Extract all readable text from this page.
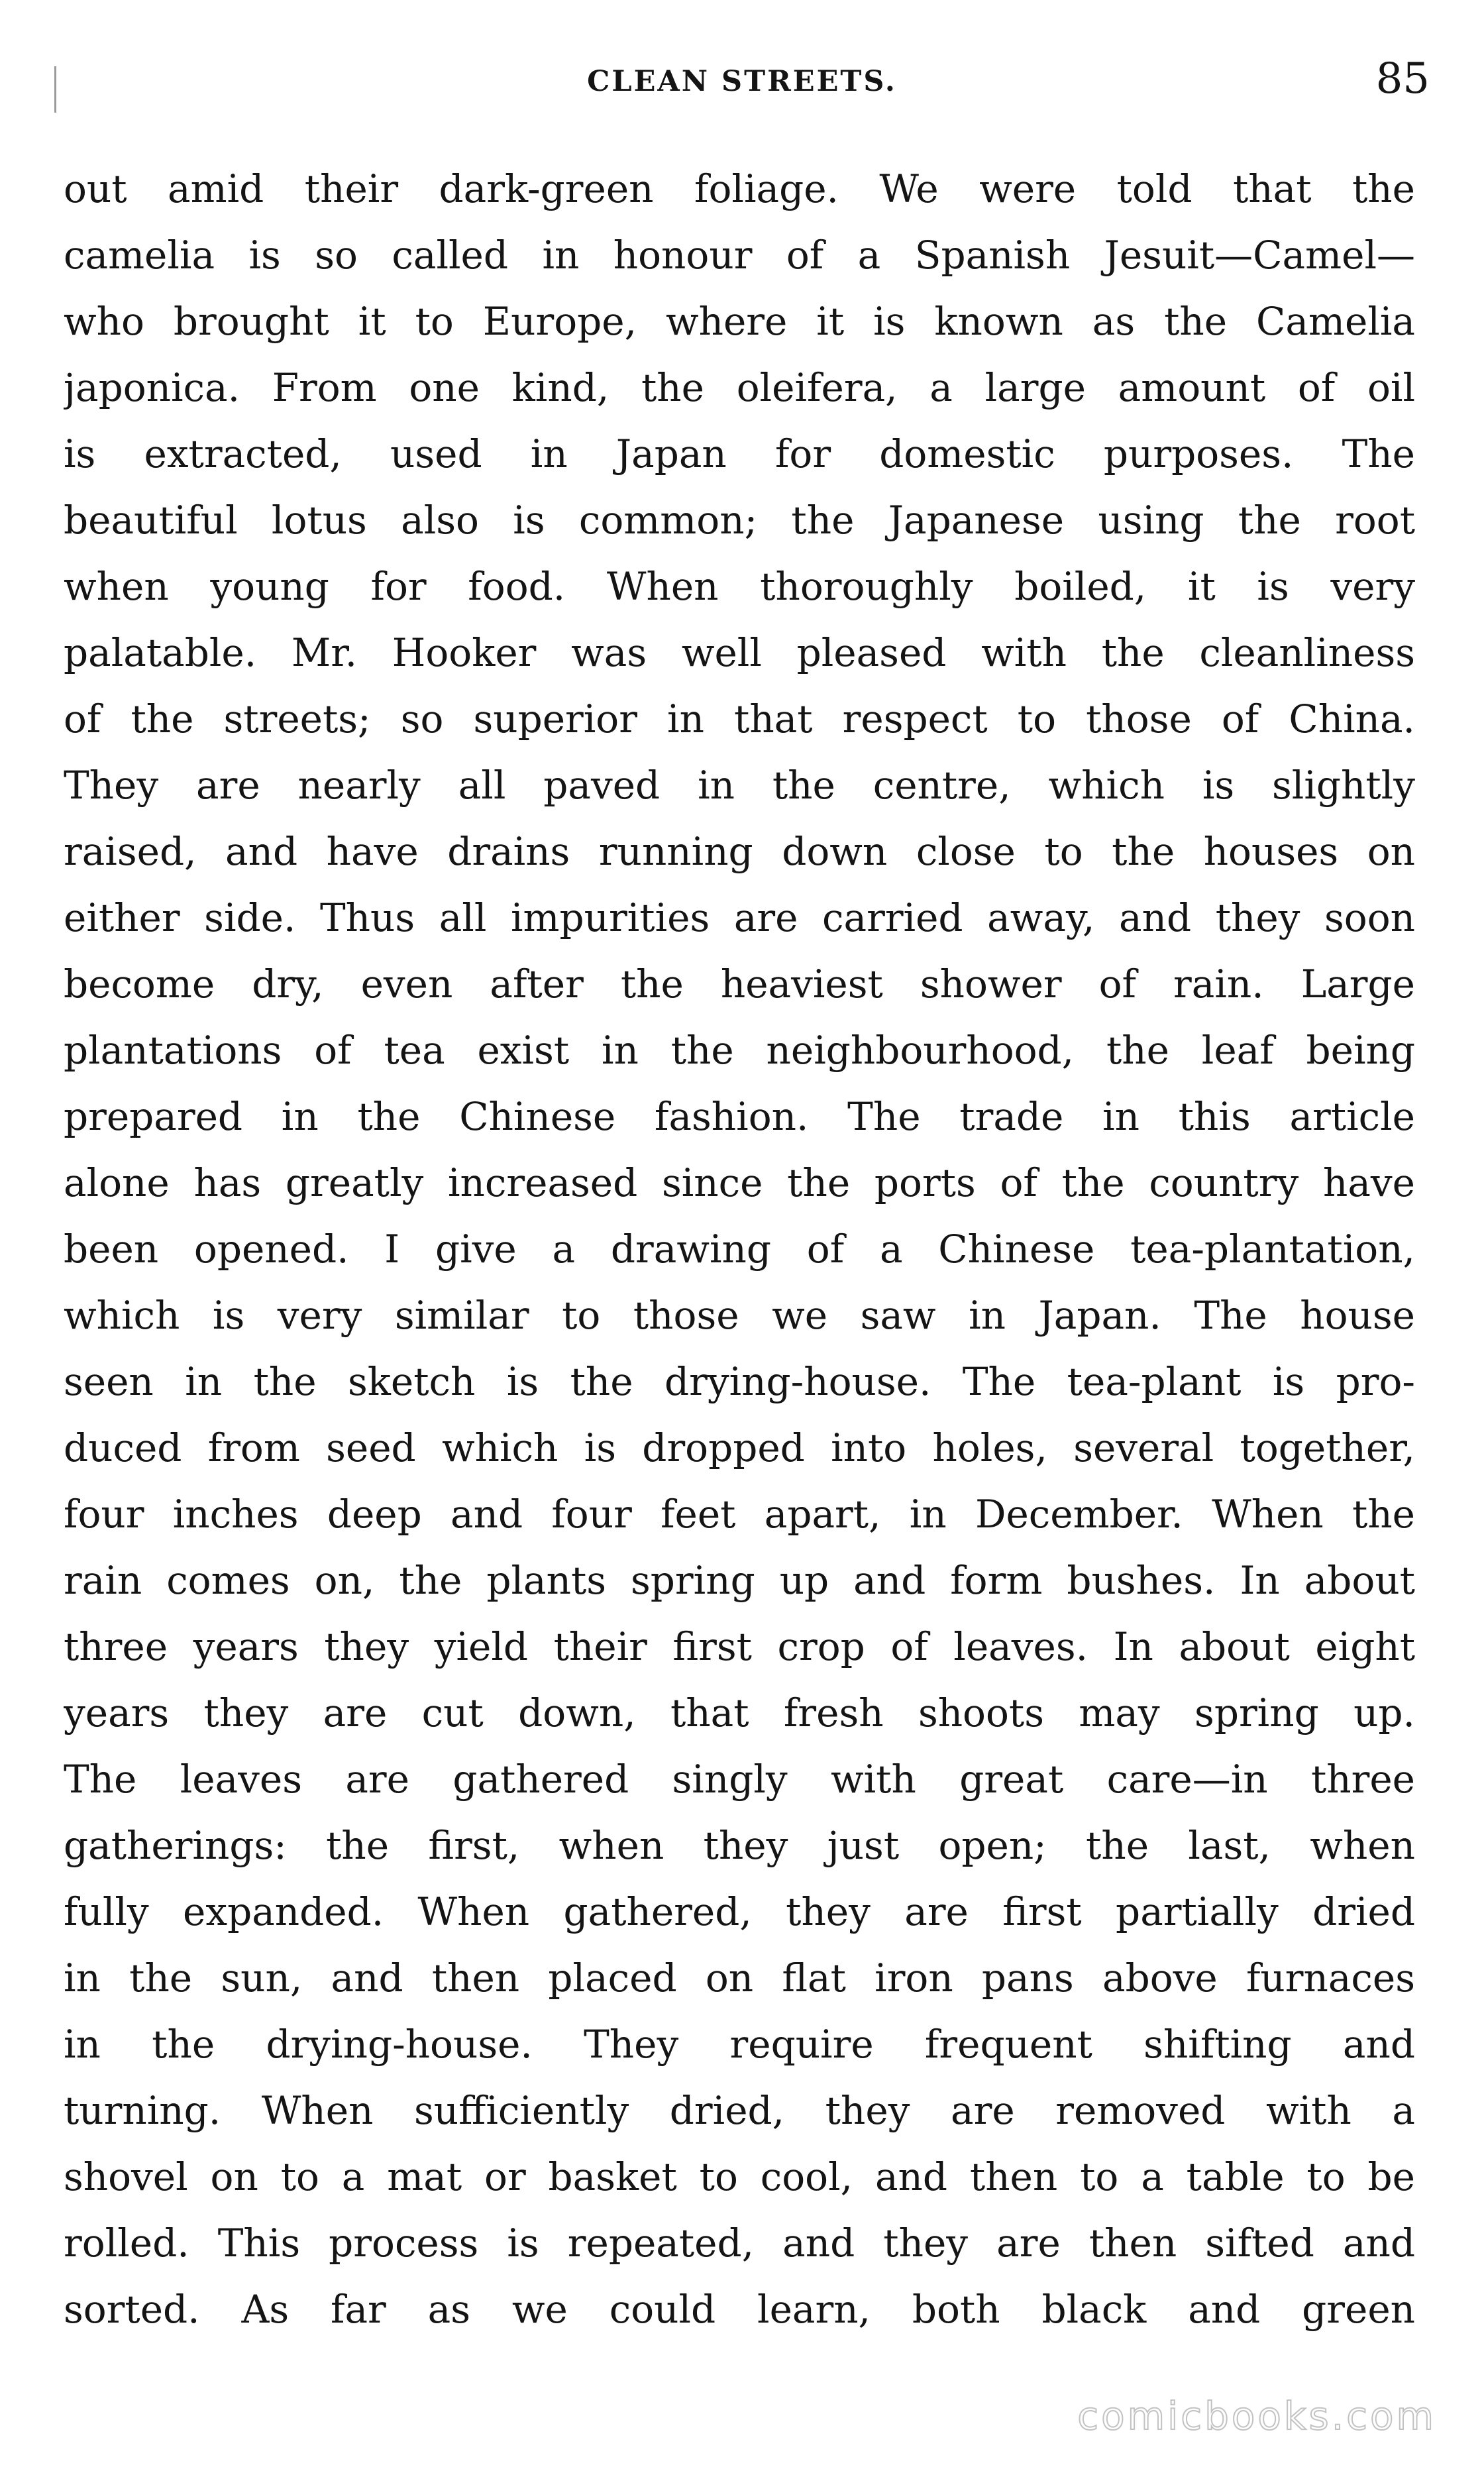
CLEAN STREETS.	85
out amid their dark-green foliage. We were told that the
camelia is so called in honour of a Spanish Jesuit—Camel—
who brought it to Europe, where it is known as the Camelia
japonica. From one kind, the oleifera, a large amount of oil
is extracted, used in Japan for domestic purposes. The
beautiful lotus also is common; the Japanese using the root
when young for food. When thoroughly boiled, it is very
palatable. Mr. Hooker was well pleased with the cleanliness
of the streets; so superior in that respect to those of China.
They are nearly all paved in the centre, which is slightly
raised, and have drains running down close to the houses on
either side. Thus all impurities are carried away, and they soon
become dry, even after the heaviest shower of rain. Large
plantations of tea exist in the neighbourhood, the leaf being
prepared in the Chinese fashion. The trade in this article
alone has greatly increased since the ports of the country have
been opened. I give a drawing of a Chinese tea-plantation,
which is very similar to those we saw in Japan. The house
seen in the sketch is the drying-house. The tea-plant is pro-
duced from seed which is dropped into holes, several together,
four inches deep and four feet apart, in December. When the
rain comes on, the plants spring up and form bushes. In about
three years they yield their first crop of leaves. In about eight
years they are cut down, that fresh shoots may spring up.
The leaves are gathered singly with great care—in three
gatherings: the first, when they just open; the last, when
fully expanded. When gathered, they are first partially dried
in the sun, and then placed on flat iron pans above furnaces
in the drying-house. They require frequent shifting and
turning. When sufficiently dried, they are removed with a
shovel on to a mat or basket to cool, and then to a table to be
rolled. This process is repeated, and they are then sifted and
sorted. As far as we could learn, both black and green
comicbooks.com
